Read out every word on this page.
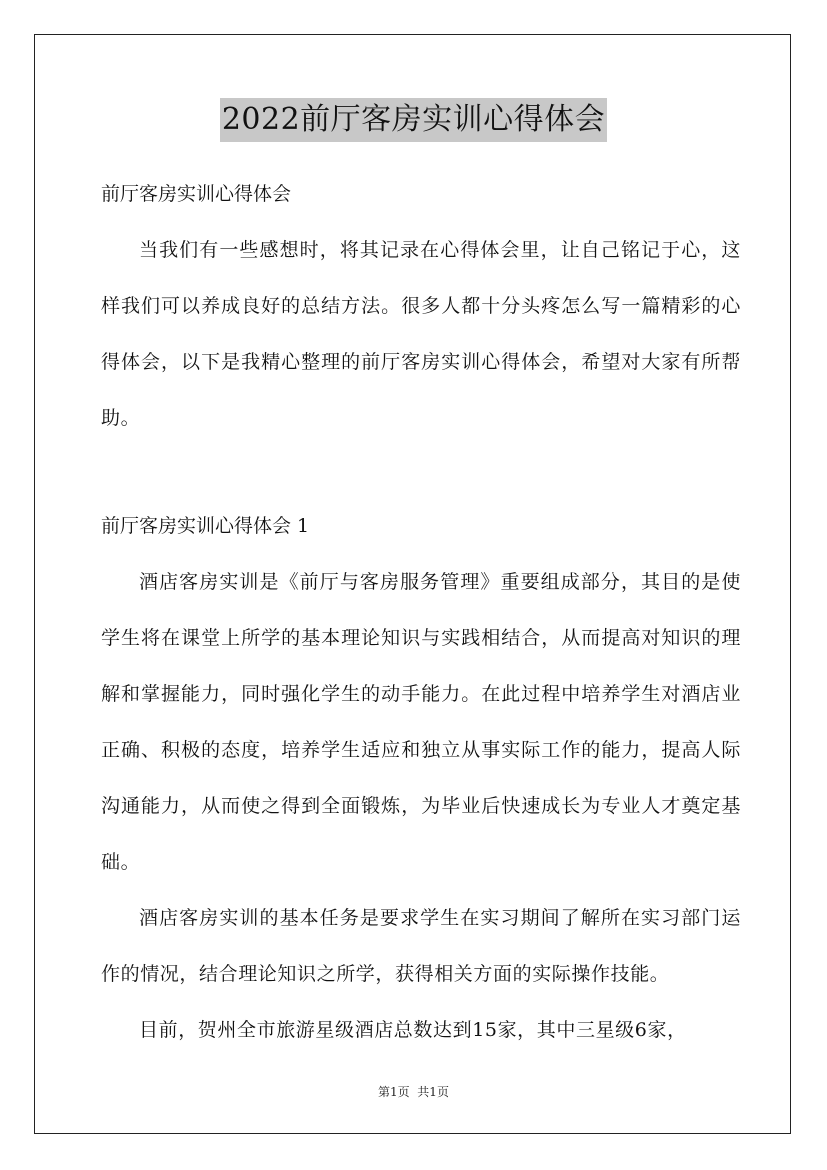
2022前厅客房实训心得体会

前厅客房实训心得体会

当我们有一些感想时，将其记录在心得体会里，让自己铭记于心，这样我们可以养成良好的总结方法。很多人都十分头疼怎么写一篇精彩的心得体会，以下是我精心整理的前厅客房实训心得体会，希望对大家有所帮助。

前厅客房实训心得体会 1

酒店客房实训是《前厅与客房服务管理》重要组成部分，其目的是使学生将在课堂上所学的基本理论知识与实践相结合，从而提高对知识的理解和掌握能力，同时强化学生的动手能力。在此过程中培养学生对酒店业正确、积极的态度，培养学生适应和独立从事实际工作的能力，提高人际沟通能力，从而使之得到全面锻炼，为毕业后快速成长为专业人才奠定基础。

酒店客房实训的基本任务是要求学生在实习期间了解所在实习部门运作的情况，结合理论知识之所学，获得相关方面的实际操作技能。

目前，贺州全市旅游星级酒店总数达到15家，其中三星级6家，

第1页  共1页
